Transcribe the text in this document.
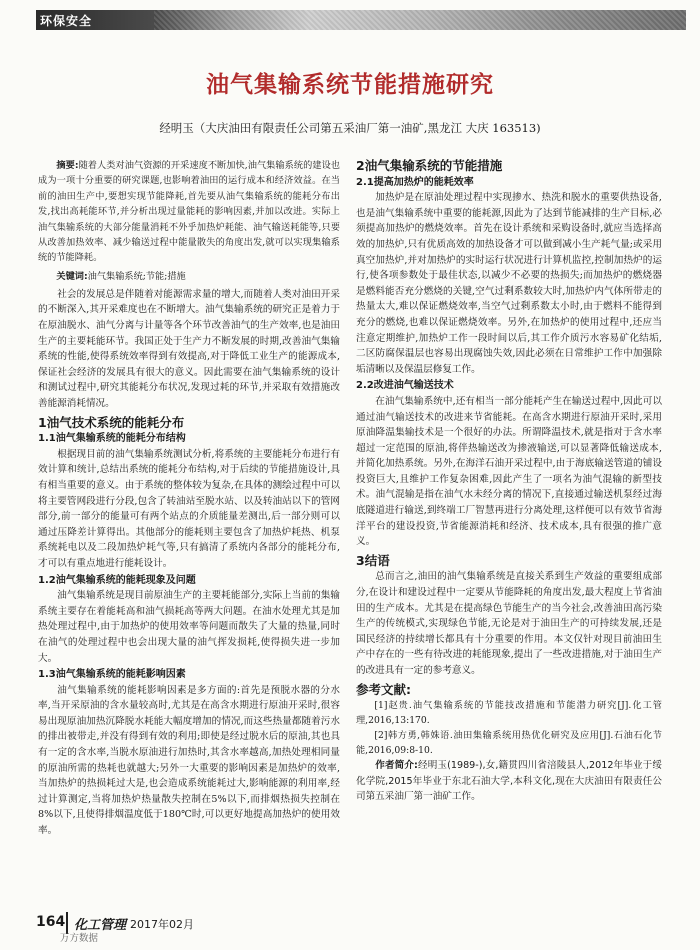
环保安全
油气集输系统节能措施研究
经明玉（大庆油田有限责任公司第五采油厂第一油矿,黑龙江 大庆 163513)
摘要:随着人类对油气资源的开采速度不断加快,油气集输系统的建设也成为一项十分重要的研究课题,也影响着油田的运行成本和经济效益。在当前的油田生产中,要想实现节能降耗,首先要从油气集输系统的能耗分布出发,找出高耗能环节,并分析出现过量能耗的影响因素,并加以改进。实际上油气集输系统的大部分能量消耗不外乎加热炉耗能、油气输送耗能等,只要从改善加热效率、减少输送过程中能量散失的角度出发,就可以实现集输系统的节能降耗。
关键词:油气集输系统;节能;措施

社会的发展总是伴随着对能源需求量的增大,而随着人类对油田开采的不断深入,其开采难度也在不断增大。油气集输系统的研究正是着力于在原油脱水、油气分离与计量等各个环节改善油气的生产效率,也是油田生产的主要耗能环节。我国正处于生产力不断发展的时期,改善油气集输系统的性能,使得系统效率得到有效提高,对于降低工业生产的能源成本,保证社会经济的发展具有很大的意义。因此需要在油气集输系统的设计和测试过程中,研究其能耗分布状况,发现过耗的环节,并采取有效措施改善能源消耗情况。

1油气技术系统的能耗分布
1.1油气集输系统的能耗分布结构

根据现目前的油气集输系统测试分析,将系统的主要能耗分布进行有效计算和统计,总结出系统的能耗分布结构,对于后续的节能措施设计,具有相当重要的意义。由于系统的整体较为复杂,在具体的测绘过程中可以将主要管网段进行分段,包含了转油站至脱水站、以及转油站以下的管网部分,前一部分的能量可有两个站点的介质能量差测出,后一部分则可以通过压降差计算得出。其他部分的能耗则主要包含了加热炉耗热、机泵系统耗电以及二段加热炉耗气等,只有搞清了系统内各部分的能耗分布,才可以有重点地进行能耗设计。

1.2油气集输系统的能耗现象及问题

油气集输系统是现目前原油生产的主要耗能部分,实际上当前的集输系统主要存在着能耗高和油气损耗高等两大问题。在油水处理尤其是加热处理过程中,由于加热炉的使用效率等问题而散失了大量的热量,同时在油气的处理过程中也会出现大量的油气挥发损耗,使得损失进一步加大。

1.3油气集输系统的能耗影响因素

油气集输系统的能耗影响因素是多方面的:首先是预脱水器的分水率,当开采原油的含水量较高时,尤其是在高含水期进行原油开采时,很容易出现原油加热沉降脱水耗能大幅度增加的情况,而这些热量都随着污水的排出被带走,并没有得到有效的利用;即使是经过脱水后的原油,其也具有一定的含水率,当脱水原油进行加热时,其含水率越高,加热处理相同量的原油所需的热耗也就越大;另外一大重要的影响因素是加热炉的效率,当加热炉的热损耗过大是,也会造成系统能耗过大,影响能源的利用率,经过计算测定,当将加热炉热量散失控制在5%以下,而排烟热损失控制在8%以下,且使得排烟温度低于180℃时,可以更好地提高加热炉的使用效率。

2油气集输系统的节能措施
2.1提高加热炉的能耗效率

加热炉是在原油处理过程中实现掺水、热洗和脱水的重要供热设备,也是油气集输系统中重要的能耗源,因此为了达到节能减排的生产目标,必须提高加热炉的燃烧效率。首先在设计系统和采购设备时,就应当选择高效的加热炉,只有优质高效的加热设备才可以做到减小生产耗气量;或采用真空加热炉,并对加热炉的实时运行状况进行计算机监控,控制加热炉的运行,使各项参数处于最佳状态,以减少不必要的热损失;而加热炉的燃烧器是燃料能否充分燃烧的关键,空气过剩系数较大时,加热炉内气体所带走的热量太大,难以保证燃烧效率,当空气过剩系数太小时,由于燃料不能得到充分的燃烧,也难以保证燃烧效率。另外,在加热炉的使用过程中,还应当注意定期维护,加热炉工作一段时间以后,其工作介质污水容易矿化结垢,二区防腐保温层也容易出现腐蚀失效,因此必须在日常维护工作中加强除垢清晰以及保温层修复工作。

2.2改进油气输送技术

在油气集输系统中,还有相当一部分能耗产生在输送过程中,因此可以通过油气输送技术的改进来节省能耗。在高含水期进行原油开采时,采用原油降温集输技术是一个很好的办法。所谓降温技术,就是指对于含水率超过一定范围的原油,将伴热输送改为掺液输送,可以显著降低输送成本,并简化加热系统。另外,在海洋石油开采过程中,由于海底输送管道的铺设投资巨大,且维护工作复杂困难,因此产生了一项名为油气混输的新型技术。油气混输是指在油气水未经分离的情况下,直接通过输送机泵经过海底隧道进行输送,到终端工厂智慧再进行分离处理,这样便可以有效节省海洋平台的建设投资,节省能源消耗和经济、技术成本,具有很强的推广意义。

3结语

总而言之,油田的油气集输系统是直接关系到生产效益的重要组成部分,在设计和建设过程中一定要从节能降耗的角度出发,最大程度上节省油田的生产成本。尤其是在提高绿色节能生产的当今社会,改善油田高污染生产的传统模式,实现绿色节能,无论是对于油田生产的可持续发展,还是国民经济的持续增长都具有十分重要的作用。本文仅针对现目前油田生产中存在的一些有待改进的耗能现象,提出了一些改进措施,对于油田生产的改进具有一定的参考意义。

参考文献:
[1]赵贵.油气集输系统的节能技改措施和节能潜力研究[J].化工管理,2016,13:170.
[2]韩方勇,韩姝语.油田集输系统用热优化研究及应用[J].石油石化节能,2016,09:8-10.
作者简介:经明玉(1989-),女,籍贯四川省涪陵县人,2012年毕业于绥化学院,2015年毕业于东北石油大学,本科文化,现在大庆油田有限责任公司第五采油厂第一油矿工作。
164 化工管理 2017年02月
万方数据
